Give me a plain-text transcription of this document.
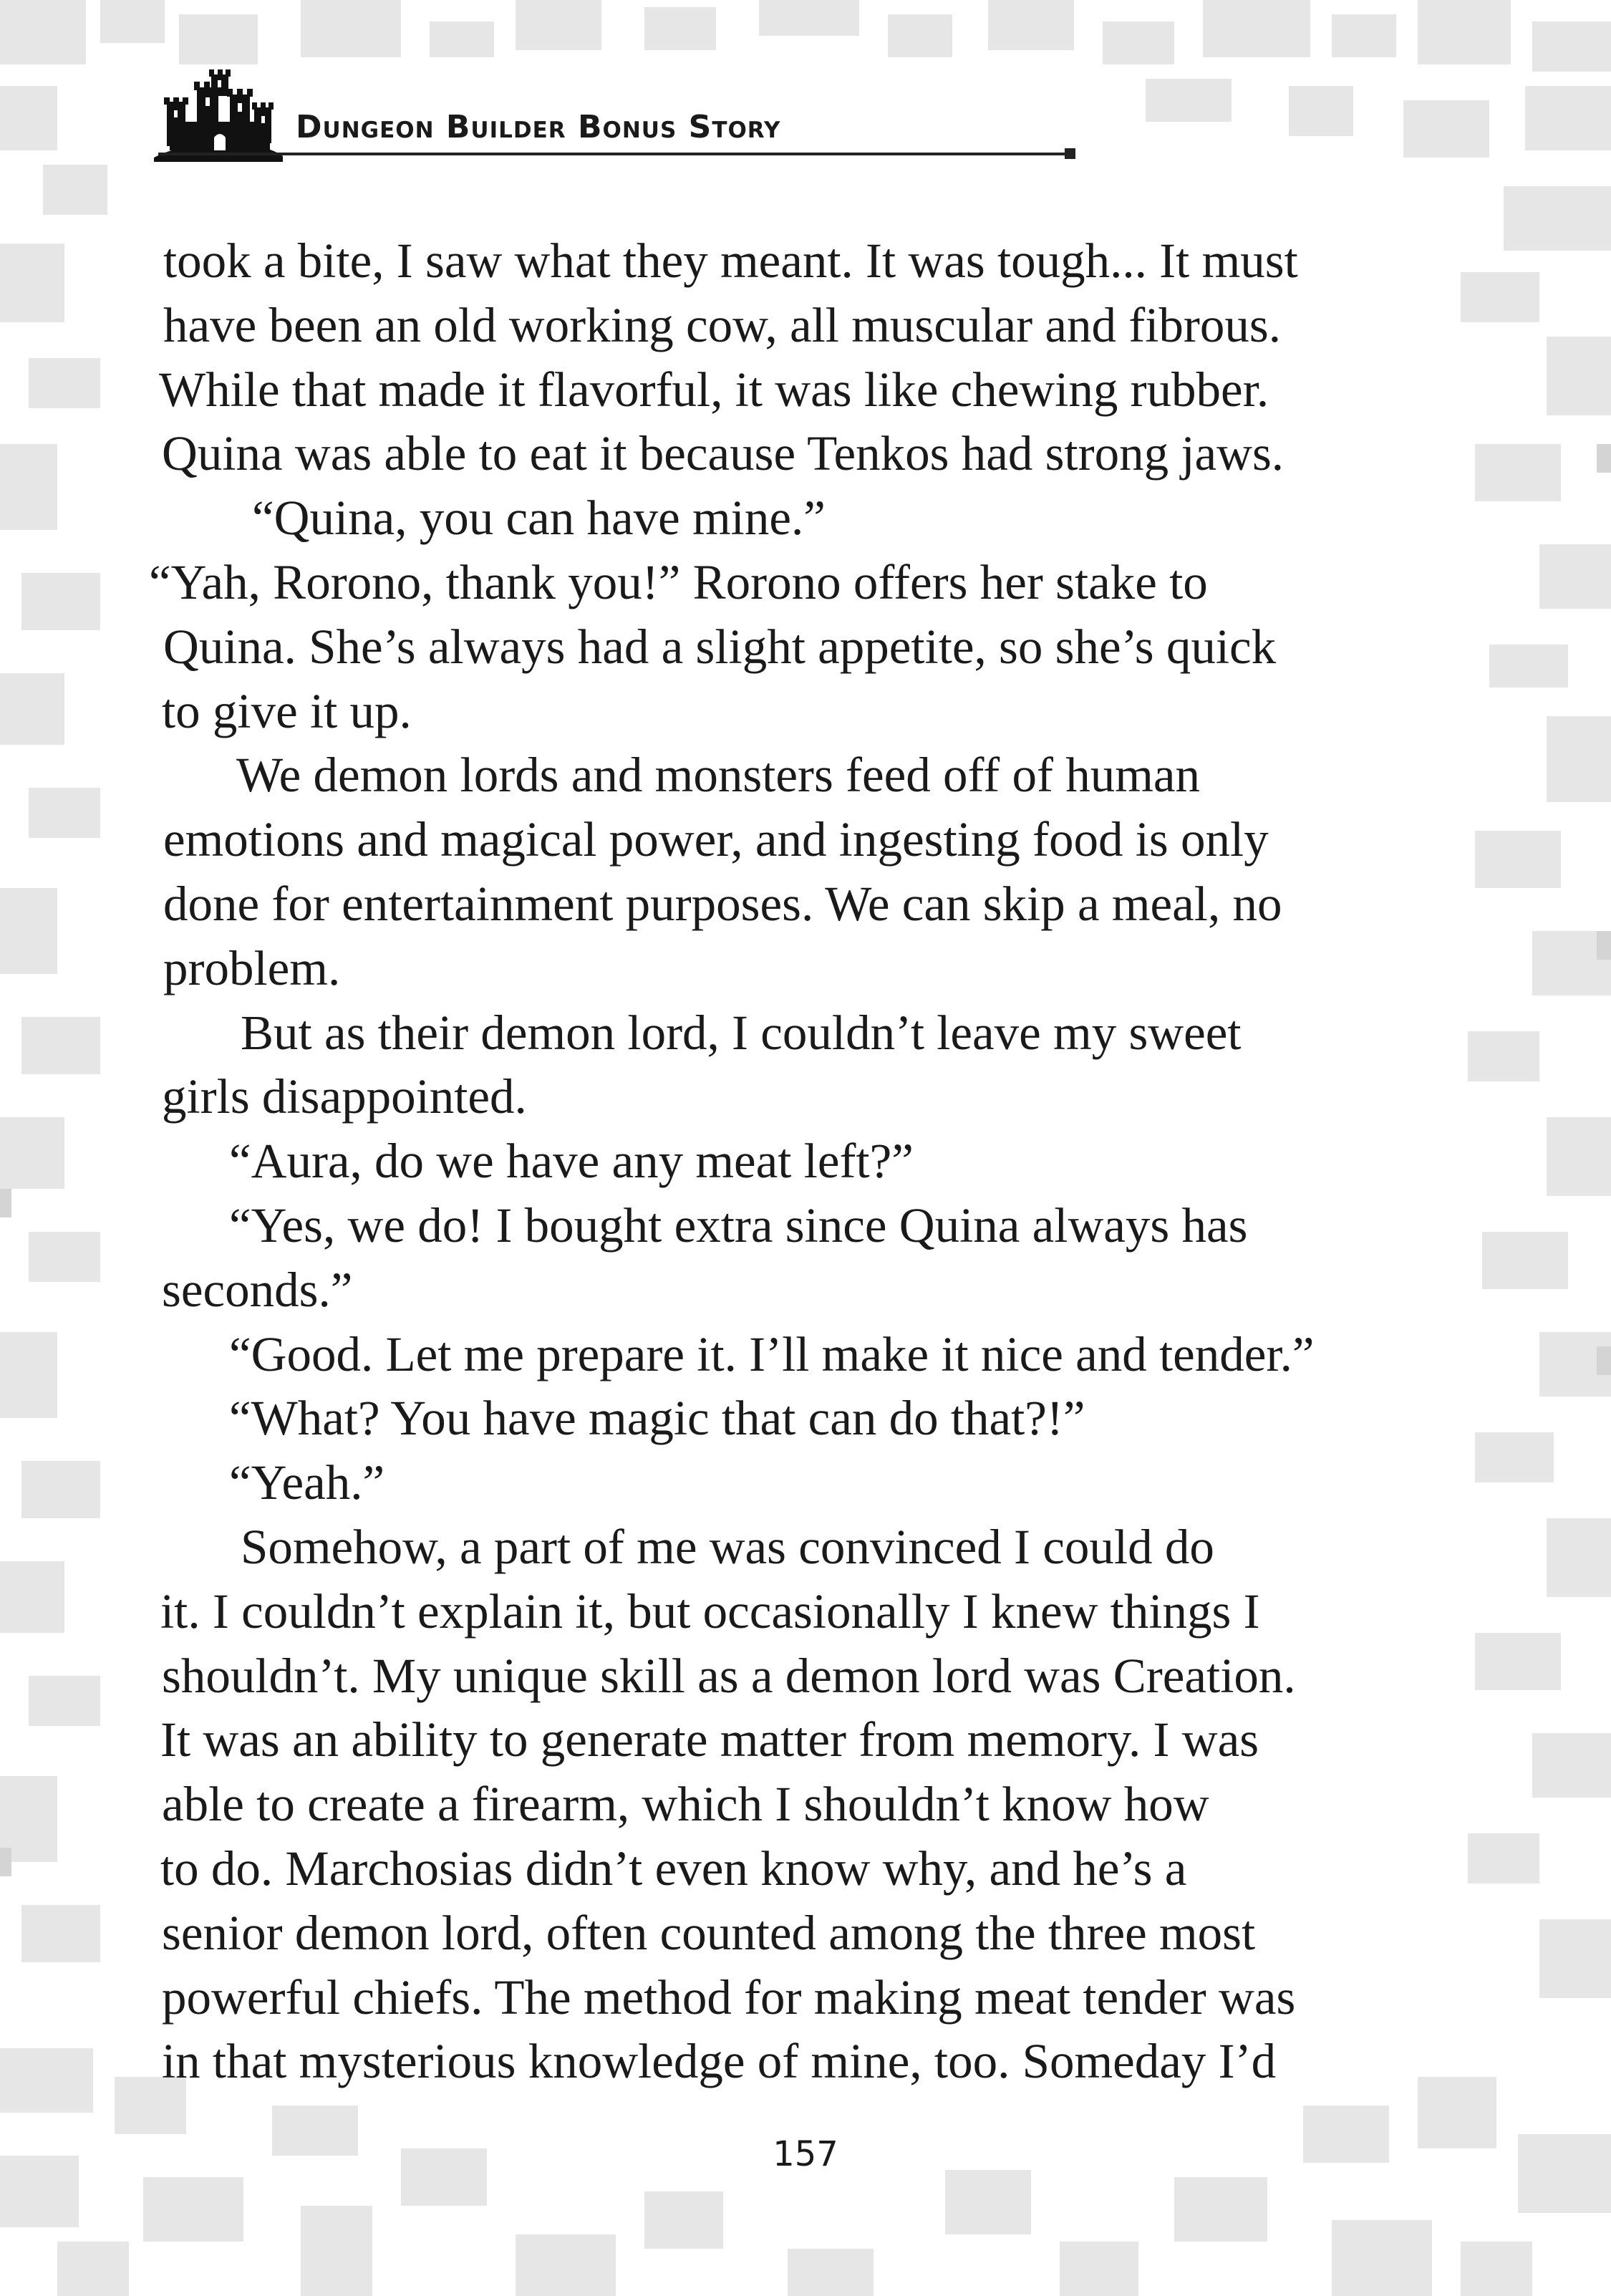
Dungeon Builder Bonus Story
took a bite, I saw what they meant. It was tough... It must
have been an old working cow, all muscular and fibrous.
While that made it flavorful, it was like chewing rubber.
Quina was able to eat it because Tenkos had strong jaws.
“Quina, you can have mine.”
“Yah, Rorono, thank you!” Rorono offers her stake to
Quina. She’s always had a slight appetite, so she’s quick
to give it up.
We demon lords and monsters feed off of human
emotions and magical power, and ingesting food is only
done for entertainment purposes. We can skip a meal, no
problem.
But as their demon lord, I couldn’t leave my sweet
girls disappointed.
“Aura, do we have any meat left?”
“Yes, we do! I bought extra since Quina always has
seconds.”
“Good. Let me prepare it. I’ll make it nice and tender.”
“What? You have magic that can do that?!”
“Yeah.”
Somehow, a part of me was convinced I could do
it. I couldn’t explain it, but occasionally I knew things I
shouldn’t. My unique skill as a demon lord was Creation.
It was an ability to generate matter from memory. I was
able to create a firearm, which I shouldn’t know how
to do. Marchosias didn’t even know why, and he’s a
senior demon lord, often counted among the three most
powerful chiefs. The method for making meat tender was
in that mysterious knowledge of mine, too. Someday I’d
157
